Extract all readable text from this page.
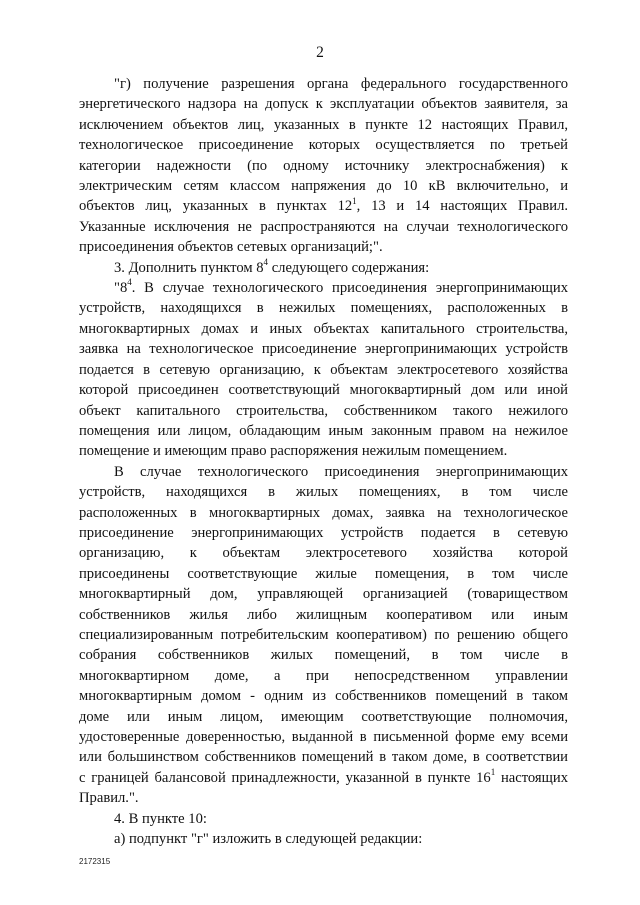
2

"г) получение разрешения органа федерального государственного

энергетического надзора на допуск к эксплуатации объектов заявителя, за

исключением объектов лиц, указанных в пункте 12 настоящих Правил,

технологическое присоединение которых осуществляется по третьей

категории надежности (по одному источнику электроснабжения) к

электрическим сетям классом напряжения до 10 кВ включительно, и

объектов лиц, указанных в пунктах $12^1$, 13 и 14 настоящих Правил.

Указанные исключения не распространяются на случаи технологического

присоединения объектов сетевых организаций;".

3. Дополнить пунктом $8^4$ следующего содержания:

"$8^4$. В случае технологического присоединения энергопринимающих

устройств, находящихся в нежилых помещениях, расположенных в

многоквартирных домах и иных объектах капитального строительства,

заявка на технологическое присоединение энергопринимающих устройств

подается в сетевую организацию, к объектам электросетевого хозяйства

которой присоединен соответствующий многоквартирный дом или иной

объект капитального строительства, собственником такого нежилого

помещения или лицом, обладающим иным законным правом на нежилое

помещение и имеющим право распоряжения нежилым помещением.

В случае технологического присоединения энергопринимающих

устройств, находящихся в жилых помещениях, в том числе

расположенных в многоквартирных домах, заявка на технологическое

присоединение энергопринимающих устройств подается в сетевую

организацию, к объектам электросетевого хозяйства которой

присоединены соответствующие жилые помещения, в том числе

многоквартирный дом, управляющей организацией (товариществом

собственников жилья либо жилищным кооперативом или иным

специализированным потребительским кооперативом) по решению общего

собрания собственников жилых помещений, в том числе в

многоквартирном доме, а при непосредственном управлении

многоквартирным домом - одним из собственников помещений в таком

доме или иным лицом, имеющим соответствующие полномочия,

удостоверенные доверенностью, выданной в письменной форме ему всеми

или большинством собственников помещений в таком доме, в соответствии

с границей балансовой принадлежности, указанной в пункте $16^1$ настоящих

Правил.".

4. В пункте 10:

а) подпункт "г" изложить в следующей редакции:

2172315
